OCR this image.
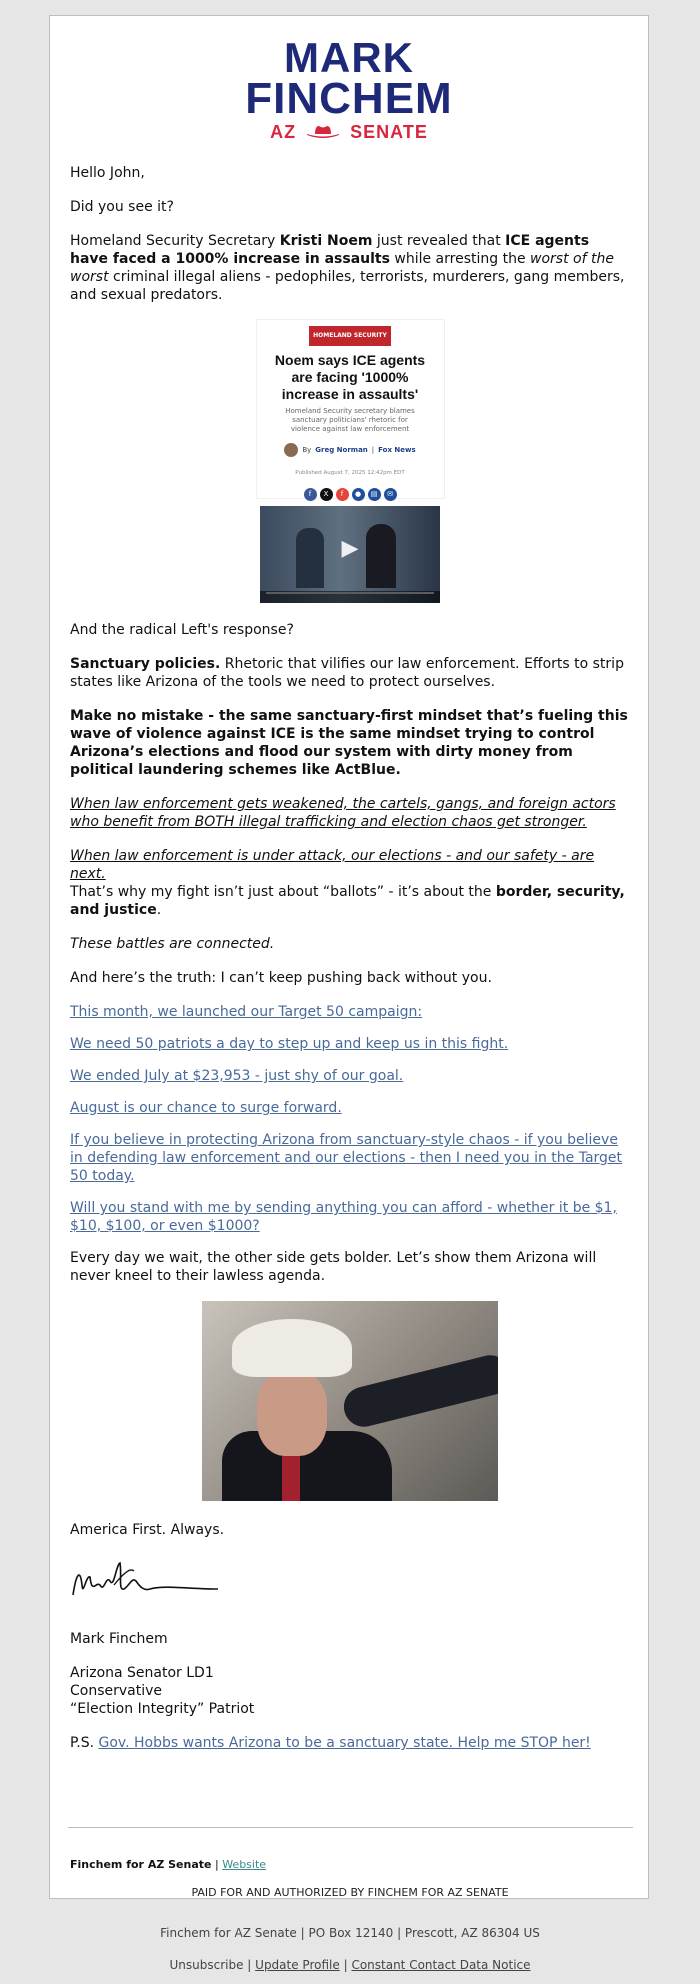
MARK
FINCHEM
AZ	SENATE

Hello John,

Did you see it?

Homeland Security Secretary Kristi Noem just revealed that ICE agents have faced a 1000% increase in assaults while arresting the worst of the worst criminal illegal aliens - pedophiles, terrorists, murderers, gang members, and sexual predators.

HOMELAND SECURITY
Noem says ICE agents are facing '1000% increase in assaults'
Homeland Security secretary blames sanctuary politicians' rhetoric for violence against law enforcement
By Greg Norman | Fox News
Published August 7, 2025 12:42pm EDT
f	X	f	●	▤	✉
▶

And the radical Left's response?

Sanctuary policies. Rhetoric that vilifies our law enforcement. Efforts to strip states like Arizona of the tools we need to protect ourselves.

Make no mistake - the same sanctuary-first mindset that’s fueling this wave of violence against ICE is the same mindset trying to control Arizona’s elections and flood our system with dirty money from political laundering schemes like ActBlue.

When law enforcement gets weakened, the cartels, gangs, and foreign actors who benefit from BOTH illegal trafficking and election chaos get stronger.

When law enforcement is under attack, our elections - and our safety - are next.
That’s why my fight isn’t just about “ballots” - it’s about the border, security, and justice.

These battles are connected.

And here’s the truth: I can’t keep pushing back without you.

This month, we launched our Target 50 campaign:

We need 50 patriots a day to step up and keep us in this fight.

We ended July at $23,953 - just shy of our goal.

August is our chance to surge forward.

If you believe in protecting Arizona from sanctuary-style chaos - if you believe in defending law enforcement and our elections - then I need you in the Target 50 today.

Will you stand with me by sending anything you can afford - whether it be $1, $10, $100, or even $1000?

Every day we wait, the other side gets bolder. Let’s show them Arizona will never kneel to their lawless agenda.

America First. Always.

Mark Finchem

Arizona Senator LD1
Conservative
“Election Integrity” Patriot

P.S. Gov. Hobbs wants Arizona to be a sanctuary state. Help me STOP her!

Finchem for AZ Senate | Website
PAID FOR AND AUTHORIZED BY FINCHEM FOR AZ SENATE
Finchem for AZ Senate | PO Box 12140 | Prescott, AZ 86304 US
Unsubscribe | Update Profile | Constant Contact Data Notice
